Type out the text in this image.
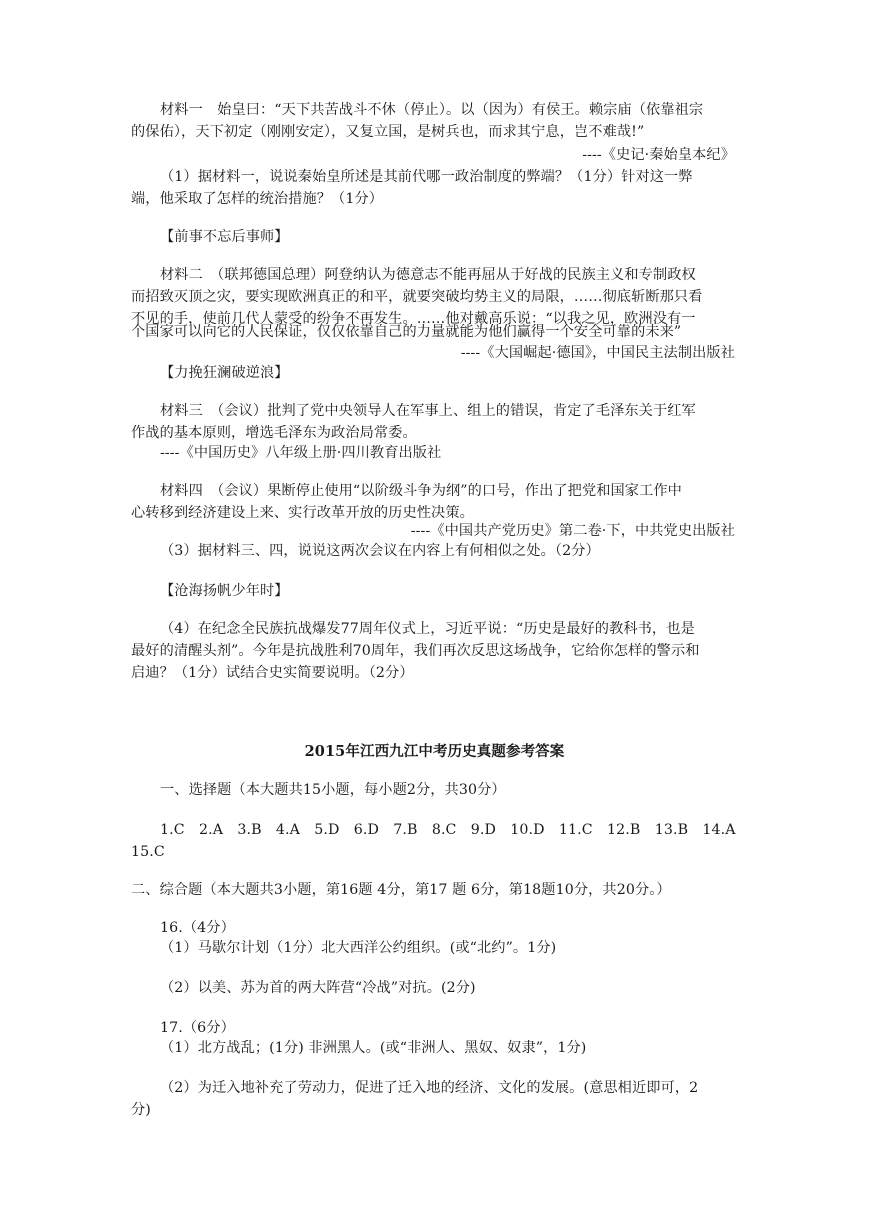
材料一　始皇曰：“天下共苦战斗不休（停止）。以（因为）有侯王。赖宗庙（依靠祖宗
的保佑），天下初定（刚刚安定），又复立国，是树兵也，而求其宁息，岂不难哉!”
----《史记·秦始皇本纪》
（1）据材料一，说说秦始皇所述是其前代哪一政治制度的弊端？（1分）针对这一弊
端，他采取了怎样的统治措施？（1分）
【前事不忘后事师】
材料二　（联邦德国总理）阿登纳认为德意志不能再屈从于好战的民族主义和专制政权
而招致灭顶之灾，要实现欧洲真正的和平，就要突破均势主义的局限，……彻底斩断那只看
不见的手，使前几代人蒙受的纷争不再发生。……他对戴高乐说：“以我之见，欧洲没有一
个国家可以向它的人民保证，仅仅依靠自己的力量就能为他们赢得一个安全可靠的未来”
----《大国崛起·德国》，中国民主法制出版社
【力挽狂澜破逆浪】
材料三　（会议）批判了党中央领导人在军事上、组上的错误，肯定了毛泽东关于红军
作战的基本原则，增选毛泽东为政治局常委。
----《中国历史》八年级上册·四川教育出版社
材料四　（会议）果断停止使用“以阶级斗争为纲”的口号，作出了把党和国家工作中
心转移到经济建设上来、实行改革开放的历史性决策。
----《中国共产党历史》第二卷·下，中共党史出版社
（3）据材料三、四，说说这两次会议在内容上有何相似之处。（2分）
【沧海扬帆少年时】
（4）在纪念全民族抗战爆发77周年仪式上，习近平说：“历史是最好的教科书，也是
最好的清醒头剂”。今年是抗战胜利70周年，我们再次反思这场战争，它给你怎样的警示和
启迪？（1分）试结合史实简要说明。（2分）
2015年江西九江中考历史真题参考答案
一、选择题（本大题共15小题，每小题2分，共30分）
1.C　2.A　3.B　4.A　5.D　6.D　7.B　8.C　9.D　10.D　11.C　12.B　13.B　14.A
15.C
二、综合题（本大题共3小题，第16题 4分，第17 题 6分，第18题10分，共20分。）
16.（4分）
（1）马歇尔计划（1分）北大西洋公约组织。(或“北约”。1分)
（2）以美、苏为首的两大阵营“冷战”对抗。(2分)
17.（6分）
（1）北方战乱；(1分) 非洲黑人。(或“非洲人、黑奴、奴隶”，1分)
（2）为迁入地补充了劳动力，促进了迁入地的经济、文化的发展。(意思相近即可，2
分)
